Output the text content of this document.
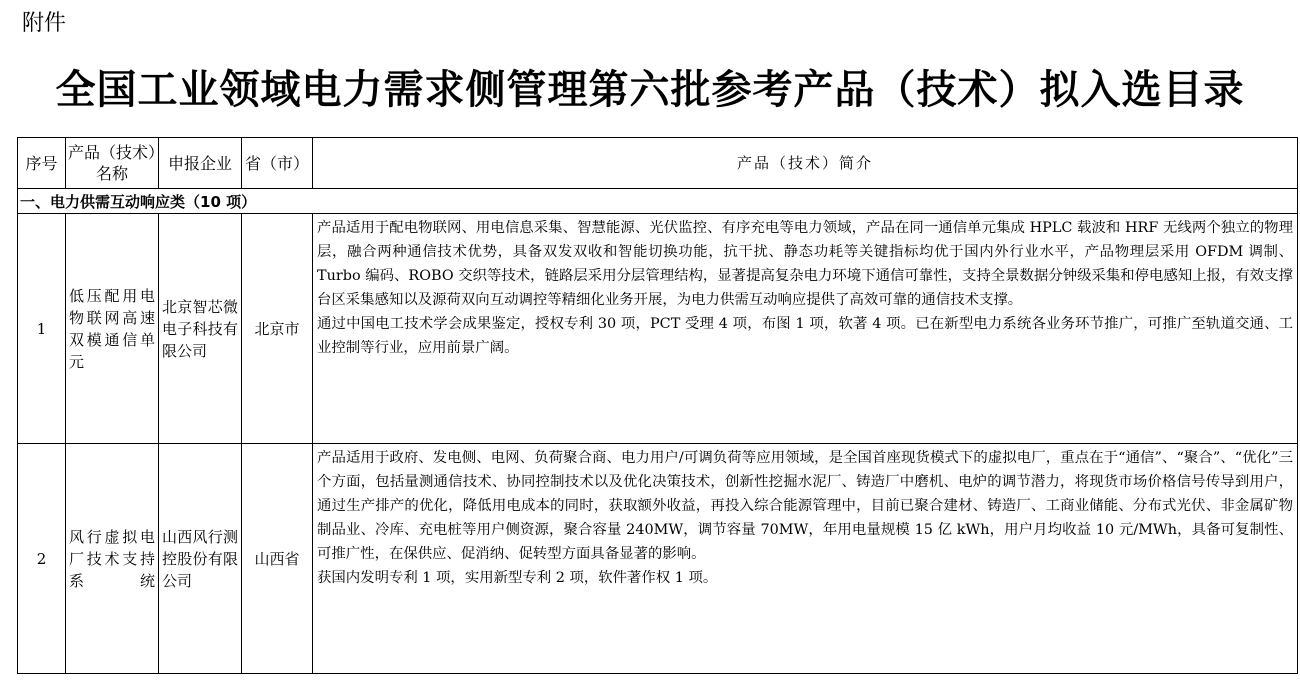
附件
全国工业领域电力需求侧管理第六批参考产品（技术）拟入选目录
序号	产品（技术）名称	申报企业	省（市）	产品（技术）简介
一、电力供需互动响应类（10 项）				
1	低压配用电物联网高速双模通信单元	北京智芯微电子科技有限公司	北京市	产品适用于配电物联网、用电信息采集、智慧能源、光伏监控、有序充电等电力领域，产品在同一通信单元集成 HPLC 载波和 HRF 无线两个独立的物理层，融合两种通信技术优势，具备双发双收和智能切换功能，抗干扰、静态功耗等关键指标均优于国内外行业水平，产品物理层采用 OFDM 调制、Turbo 编码、ROBO 交织等技术，链路层采用分层管理结构，显著提高复杂电力环境下通信可靠性，支持全景数据分钟级采集和停电感知上报，有效支撑台区采集感知以及源荷双向互动调控等精细化业务开展，为电力供需互动响应提供了高效可靠的通信技术支撑。

通过中国电工技术学会成果鉴定，授权专利 30 项，PCT 受理 4 项，布图 1 项，软著 4 项。已在新型电力系统各业务环节推广，可推广至轨道交通、工业控制等行业，应用前景广阔。

2	风行虚拟电厂技术支持系统	山西风行测控股份有限公司	山西省	产品适用于政府、发电侧、电网、负荷聚合商、电力用户/可调负荷等应用领域，是全国首座现货模式下的虚拟电厂，重点在于“通信”、“聚合”、“优化”三个方面，包括量测通信技术、协同控制技术以及优化决策技术，创新性挖掘水泥厂、铸造厂中磨机、电炉的调节潜力，将现货市场价格信号传导到用户，通过生产排产的优化，降低用电成本的同时，获取额外收益，再投入综合能源管理中，目前已聚合建材、铸造厂、工商业储能、分布式光伏、非金属矿物制品业、冷库、充电桩等用户侧资源，聚合容量 240MW，调节容量 70MW，年用电量规模 15 亿 kWh，用户月均收益 10 元/MWh，具备可复制性、可推广性，在保供应、促消纳、促转型方面具备显著的影响。

获国内发明专利 1 项，实用新型专利 2 项，软件著作权 1 项。
